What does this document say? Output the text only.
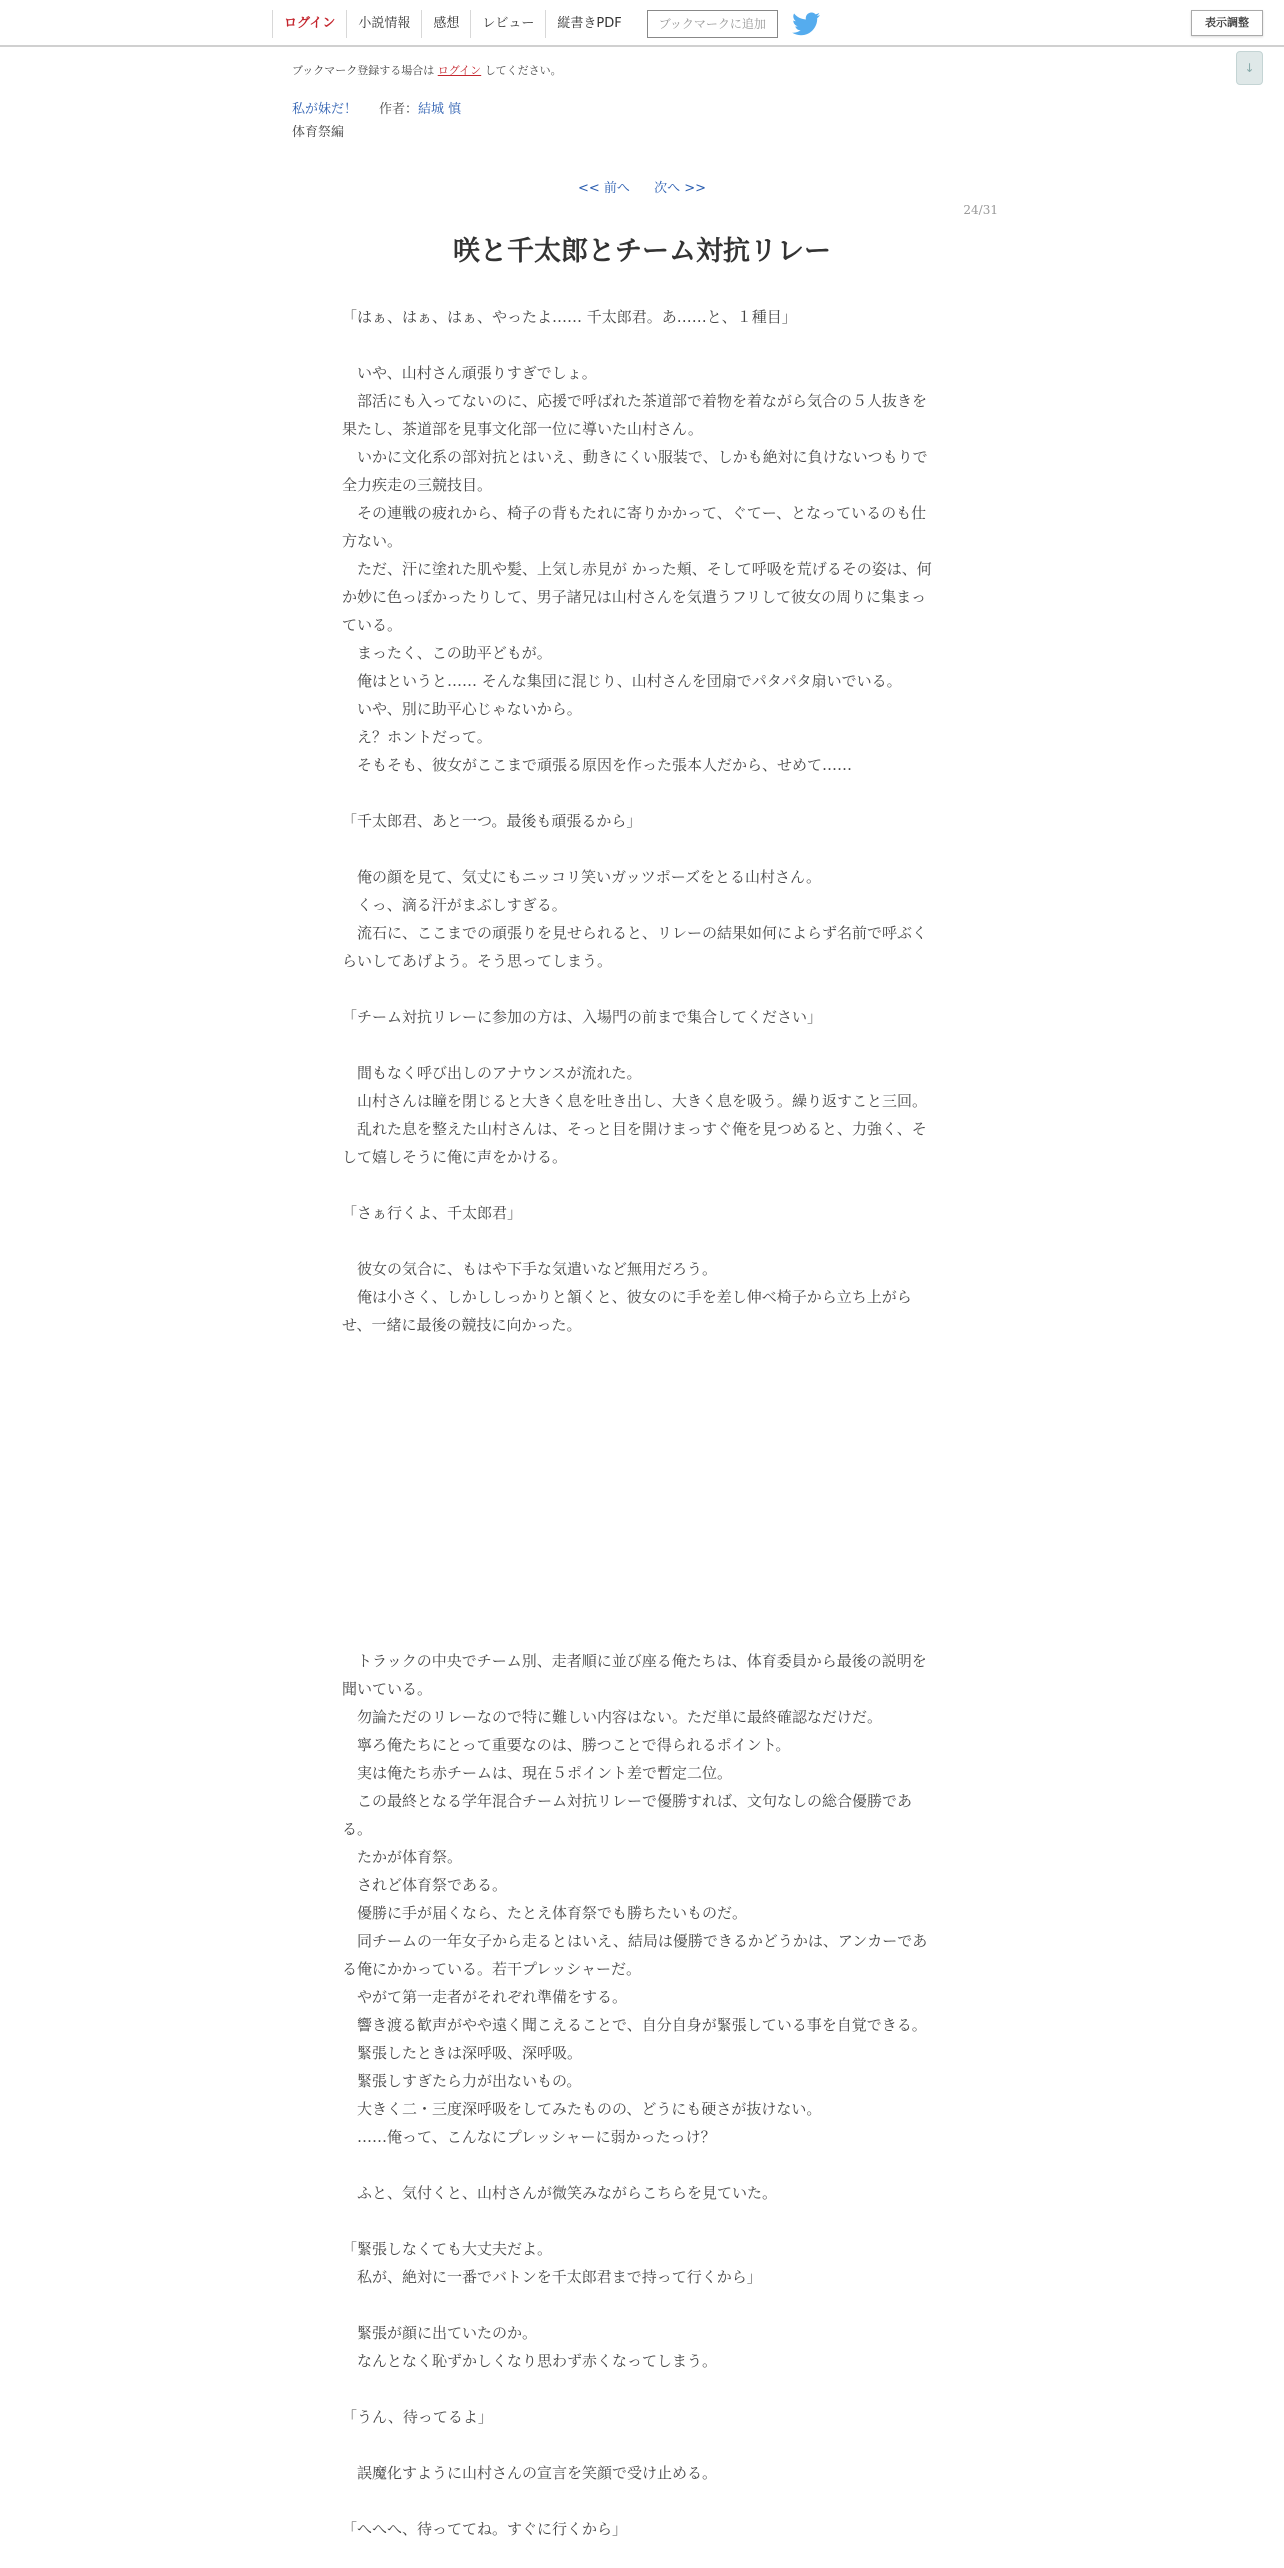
ログイン	小説情報	感想	レビュー	縦書きPDF	ブックマークに追加	表示調整
↓
ブックマーク登録する場合は ログイン してください。
私が妹だ！ 作者：結城 慎
体育祭編
<< 前へ 次へ >>
24/31
咲と千太郎とチーム対抗リレー

「はぁ、はぁ、はぁ、やったよ…… 千太郎君。あ……と、１種目」

　いや、山村さん頑張りすぎでしょ。

　部活にも入ってないのに、応援で呼ばれた茶道部で着物を着ながら気合の５人抜きを果たし、茶道部を見事文化部一位に導いた山村さん。

　いかに文化系の部対抗とはいえ、動きにくい服装で、しかも絶対に負けないつもりで全力疾走の三競技目。

　その連戦の疲れから、椅子の背もたれに寄りかかって、ぐてー、となっているのも仕方ない。

　ただ、汗に塗れた肌や髪、上気し赤見が かった頬、そして呼吸を荒げるその姿は、何か妙に色っぽかったりして、男子諸兄は山村さんを気遣うフリして彼女の周りに集まっている。

　まったく、この助平どもが。

　俺はというと…… そんな集団に混じり、山村さんを団扇でパタパタ扇いでいる。

　いや、別に助平心じゃないから。

　え？ホントだって。

　そもそも、彼女がここまで頑張る原因を作った張本人だから、せめて……

「千太郎君、あと一つ。最後も頑張るから」

　俺の顔を見て、気丈にもニッコリ笑いガッツポーズをとる山村さん。

　くっ、滴る汗がまぶしすぎる。

　流石に、ここまでの頑張りを見せられると、リレーの結果如何によらず名前で呼ぶくらいしてあげよう。そう思ってしまう。

「チーム対抗リレーに参加の方は、入場門の前まで集合してください」

　間もなく呼び出しのアナウンスが流れた。

　山村さんは瞳を閉じると大きく息を吐き出し、大きく息を吸う。繰り返すこと三回。

　乱れた息を整えた山村さんは、そっと目を開けまっすぐ俺を見つめると、力強く、そして嬉しそうに俺に声をかける。

「さぁ行くよ、千太郎君」

　彼女の気合に、もはや下手な気遣いなど無用だろう。

　俺は小さく、しかししっかりと頷くと、彼女のに手を差し伸べ椅子から立ち上がらせ、一緒に最後の競技に向かった。

　トラックの中央でチーム別、走者順に並び座る俺たちは、体育委員から最後の説明を聞いている。

　勿論ただのリレーなので特に難しい内容はない。ただ単に最終確認なだけだ。

　寧ろ俺たちにとって重要なのは、勝つことで得られるポイント。

　実は俺たち赤チームは、現在５ポイント差で暫定二位。

　この最終となる学年混合チーム対抗リレーで優勝すれば、文句なしの総合優勝である。

　たかが体育祭。

　されど体育祭である。

　優勝に手が届くなら、たとえ体育祭でも勝ちたいものだ。

　同チームの一年女子から走るとはいえ、結局は優勝できるかどうかは、アンカーである俺にかかっている。若干プレッシャーだ。

　やがて第一走者がそれぞれ準備をする。

　響き渡る歓声がやや遠く聞こえることで、自分自身が緊張している事を自覚できる。

　緊張したときは深呼吸、深呼吸。

　緊張しすぎたら力が出ないもの。

　大きく二・三度深呼吸をしてみたものの、どうにも硬さが抜けない。

　……俺って、こんなにプレッシャーに弱かったっけ？

　ふと、気付くと、山村さんが微笑みながらこちらを見ていた。

「緊張しなくても大丈夫だよ。

　私が、絶対に一番でバトンを千太郎君まで持って行くから」

　緊張が顔に出ていたのか。

　なんとなく恥ずかしくなり思わず赤くなってしまう。

「うん、待ってるよ」

　誤魔化すように山村さんの宣言を笑顔で受け止める。

「へへへ、待っててね。すぐに行くから」
